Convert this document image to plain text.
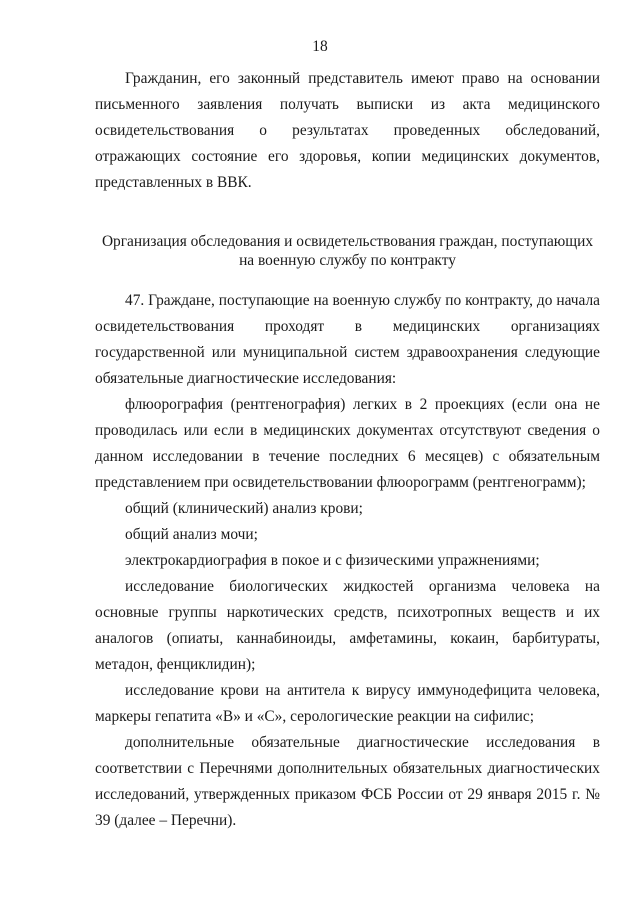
18

Гражданин, его законный представитель имеют право на основании письменного заявления получать выписки из акта медицинского освидетельствования о результатах проведенных обследований, отражающих состояние его здоровья, копии медицинских документов, представленных в ВВК.

Организация обследования и освидетельствования граждан, поступающих
на военную службу по контракту

47. Граждане, поступающие на военную службу по контракту, до начала освидетельствования проходят в медицинских организациях государственной или муниципальной систем здравоохранения следующие обязательные диагностические исследования:

флюорография (рентгенография) легких в 2 проекциях (если она не проводилась или если в медицинских документах отсутствуют сведения о данном исследовании в течение последних 6 месяцев) с обязательным представлением при освидетельствовании флюорограмм (рентгенограмм);

общий (клинический) анализ крови;

общий анализ мочи;

электрокардиография в покое и с физическими упражнениями;

исследование биологических жидкостей организма человека на основные группы наркотических средств, психотропных веществ и их аналогов (опиаты, каннабиноиды, амфетамины, кокаин, барбитураты, метадон, фенциклидин);

исследование крови на антитела к вирусу иммунодефицита человека, маркеры гепатита «В» и «С», серологические реакции на сифилис;

дополнительные обязательные диагностические исследования в соответствии с Перечнями дополнительных обязательных диагностических исследований, утвержденных приказом ФСБ России от 29 января 2015 г. № 39 (далее – Перечни).
